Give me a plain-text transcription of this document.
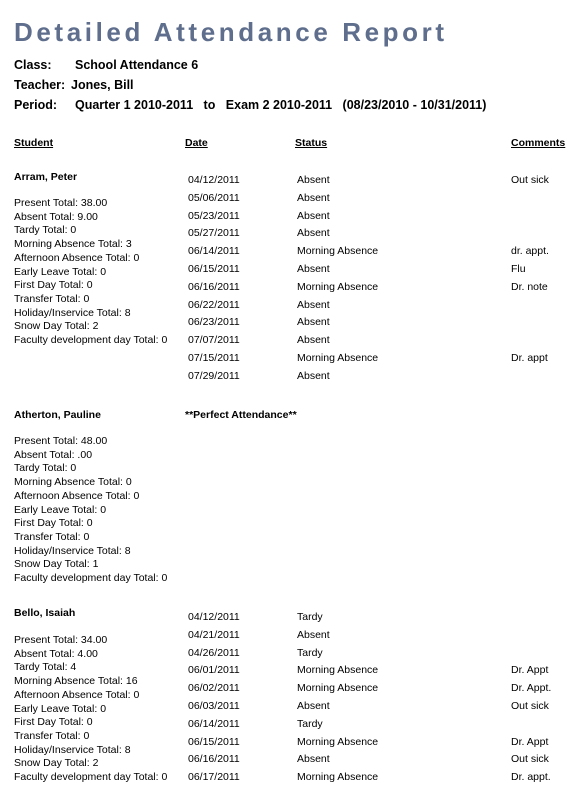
Detailed Attendance Report
Class: School Attendance 6
Teacher: Jones, Bill
Period: Quarter 1 2010-2011   to   Exam 2 2010-2011   (08/23/2010 - 10/31/2011)
Student	Date	Status	Comments
Arram, Peter
Present Total: 38.00
Absent Total: 9.00
Tardy Total: 0
Morning Absence Total: 3
Afternoon Absence Total: 0
Early Leave Total: 0
First Day Total: 0
Transfer Total: 0
Holiday/Inservice Total: 8
Snow Day Total: 2
Faculty development day Total: 0
04/12/2011	Absent	Out sick
05/06/2011	Absent
05/23/2011	Absent
05/27/2011	Absent
06/14/2011	Morning Absence	dr. appt.
06/15/2011	Absent	Flu
06/16/2011	Morning Absence	Dr. note
06/22/2011	Absent
06/23/2011	Absent
07/07/2011	Absent
07/15/2011	Morning Absence	Dr. appt
07/29/2011	Absent
Atherton, Pauline	**Perfect Attendance**
Present Total: 48.00
Absent Total: .00
Tardy Total: 0
Morning Absence Total: 0
Afternoon Absence Total: 0
Early Leave Total: 0
First Day Total: 0
Transfer Total: 0
Holiday/Inservice Total: 8
Snow Day Total: 1
Faculty development day Total: 0
Bello, Isaiah
Present Total: 34.00
Absent Total: 4.00
Tardy Total: 4
Morning Absence Total: 16
Afternoon Absence Total: 0
Early Leave Total: 0
First Day Total: 0
Transfer Total: 0
Holiday/Inservice Total: 8
Snow Day Total: 2
Faculty development day Total: 0
04/12/2011	Tardy
04/21/2011	Absent
04/26/2011	Tardy
06/01/2011	Morning Absence	Dr. Appt
06/02/2011	Morning Absence	Dr. Appt.
06/03/2011	Absent	Out sick
06/14/2011	Tardy
06/15/2011	Morning Absence	Dr. Appt
06/16/2011	Absent	Out sick
06/17/2011	Morning Absence	Dr. appt.
